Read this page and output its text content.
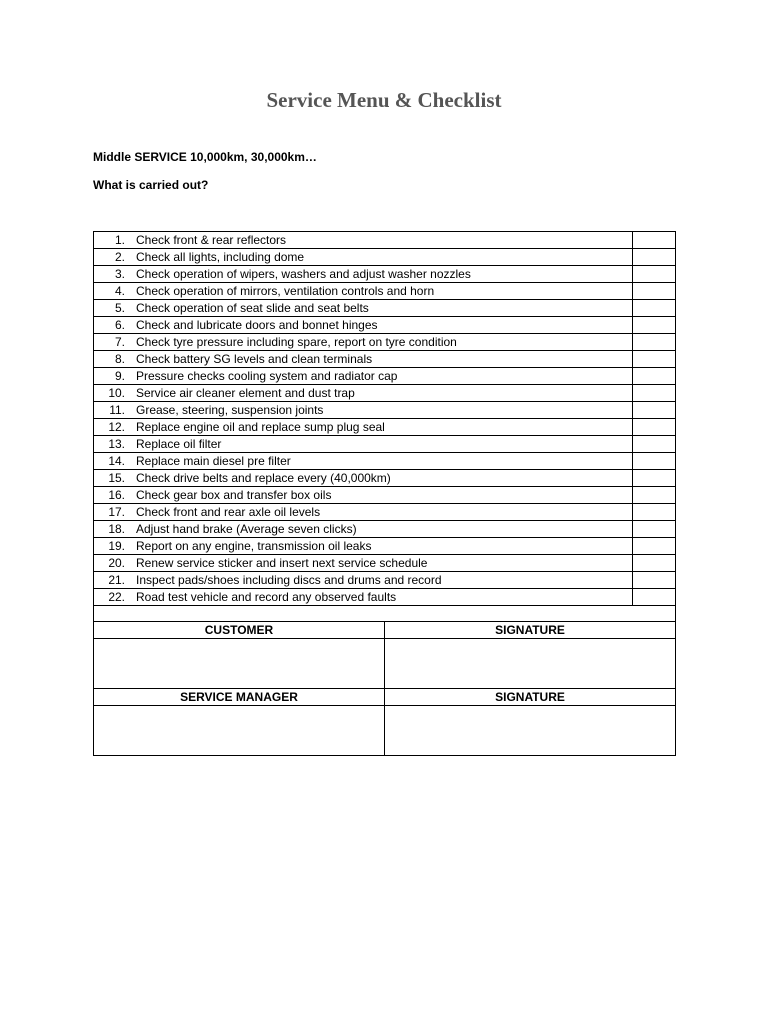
Service Menu & Checklist

Middle SERVICE 10,000km, 30,000km…

What is carried out?

1. Check front & rear reflectors	
2. Check all lights, including dome	
3. Check operation of wipers, washers and adjust washer nozzles	
4. Check operation of mirrors, ventilation controls and horn	
5. Check operation of seat slide and seat belts	
6. Check and lubricate doors and bonnet hinges	
7. Check tyre pressure including spare, report on tyre condition	
8. Check battery SG levels and clean terminals	
9. Pressure checks cooling system and radiator cap	
10. Service air cleaner element and dust trap	
11. Grease, steering, suspension joints	
12. Replace engine oil and replace sump plug seal	
13. Replace oil filter	
14. Replace main diesel pre filter	
15. Check drive belts and replace every (40,000km)	
16. Check gear box and transfer box oils	
17. Check front and rear axle oil levels	
18. Adjust hand brake (Average seven clicks)	
19. Report on any engine, transmission oil leaks	
20. Renew service sticker and insert next service schedule	
21. Inspect pads/shoes including discs and drums and record	
22. Road test vehicle and record any observed faults	

CUSTOMER	SIGNATURE

SERVICE MANAGER	SIGNATURE
